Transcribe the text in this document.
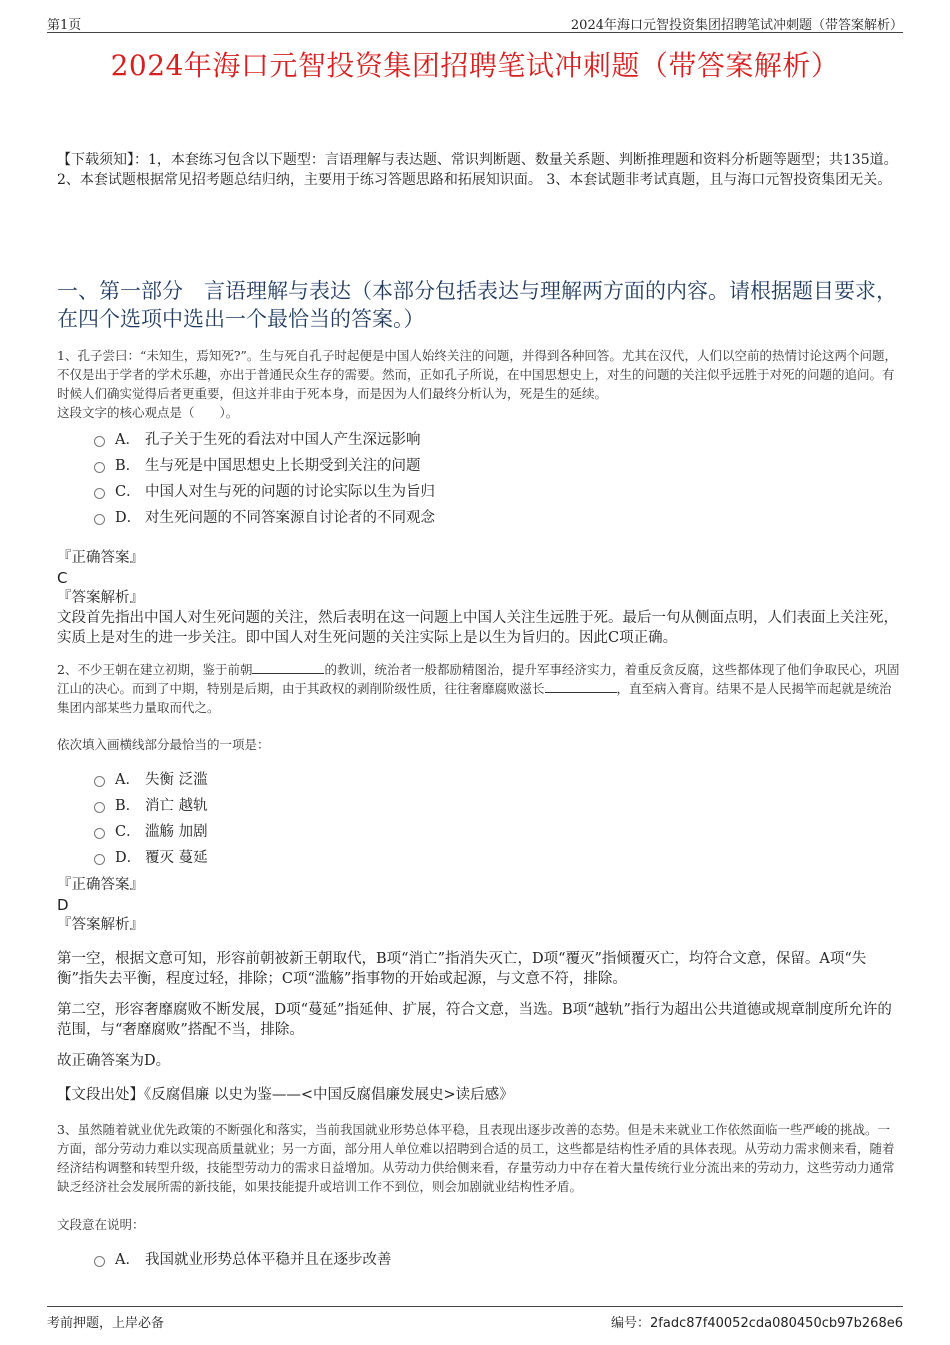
第1页	2024年海口元智投资集团招聘笔试冲刺题（带答案解析）
2024年海口元智投资集团招聘笔试冲刺题（带答案解析）
【下载须知】：1，本套练习包含以下题型：言语理解与表达题、常识判断题、数量关系题、判断推理题和资料分析题等题型；共135道。 2、本套试题根据常见招考题总结归纳，主要用于练习答题思路和拓展知识面。 3、本套试题非考试真题，且与海口元智投资集团无关。
一、第一部分　言语理解与表达（本部分包括表达与理解两方面的内容。请根据题目要求，在四个选项中选出一个最恰当的答案。）
1、孔子尝曰：“未知生，焉知死?”。生与死自孔子时起便是中国人始终关注的问题，并得到各种回答。尤其在汉代，人们以空前的热情讨论这两个问题，不仅是出于学者的学术乐趣，亦出于普通民众生存的需要。然而，正如孔子所说，在中国思想史上，对生的问题的关注似乎远胜于对死的问题的追问。有时候人们确实觉得后者更重要，但这并非由于死本身，而是因为人们最终分析认为，死是生的延续。
这段文字的核心观点是（　　）。
A． 孔子关于生死的看法对中国人产生深远影响
B． 生与死是中国思想史上长期受到关注的问题
C． 中国人对生与死的问题的讨论实际以生为旨归
D． 对生死问题的不同答案源自讨论者的不同观念
『正确答案』
C
『答案解析』
文段首先指出中国人对生死问题的关注，然后表明在这一问题上中国人关注生远胜于死。最后一句从侧面点明，人们表面上关注死，实质上是对生的进一步关注。即中国人对生死问题的关注实际上是以生为旨归的。因此C项正确。
2、不少王朝在建立初期，鉴于前朝	的教训，统治者一般都励精图治，提升军事经济实力，着重反贪反腐，这些都体现了他们争取民心，巩固江山的决心。而到了中期，特别是后期，由于其政权的剥削阶级性质，往往奢靡腐败滋长	，直至病入膏肓。结果不是人民揭竿而起就是统治集团内部某些力量取而代之。
依次填入画横线部分最恰当的一项是：
A． 失衡 泛滥
B． 消亡 越轨
C． 滥觞 加剧
D． 覆灭 蔓延
『正确答案』
D
『答案解析』
第一空，根据文意可知，形容前朝被新王朝取代，B项“消亡”指消失灭亡，D项“覆灭”指倾覆灭亡，均符合文意，保留。A项“失衡”指失去平衡，程度过轻，排除；C项“滥觞”指事物的开始或起源，与文意不符，排除。
第二空，形容奢靡腐败不断发展，D项“蔓延”指延伸、扩展，符合文意，当选。B项“越轨”指行为超出公共道德或规章制度所允许的范围，与“奢靡腐败”搭配不当，排除。
故正确答案为D。
【文段出处】《反腐倡廉 以史为鉴——<中国反腐倡廉发展史>读后感》
3、虽然随着就业优先政策的不断强化和落实，当前我国就业形势总体平稳，且表现出逐步改善的态势。但是未来就业工作依然面临一些严峻的挑战。一方面，部分劳动力难以实现高质量就业；另一方面，部分用人单位难以招聘到合适的员工，这些都是结构性矛盾的具体表现。从劳动力需求侧来看，随着经济结构调整和转型升级，技能型劳动力的需求日益增加。从劳动力供给侧来看，存量劳动力中存在着大量传统行业分流出来的劳动力，这些劳动力通常缺乏经济社会发展所需的新技能，如果技能提升或培训工作不到位，则会加剧就业结构性矛盾。
文段意在说明：
A． 我国就业形势总体平稳并且在逐步改善
考前押题，上岸必备	编号：2fadc87f40052cda080450cb97b268e6
